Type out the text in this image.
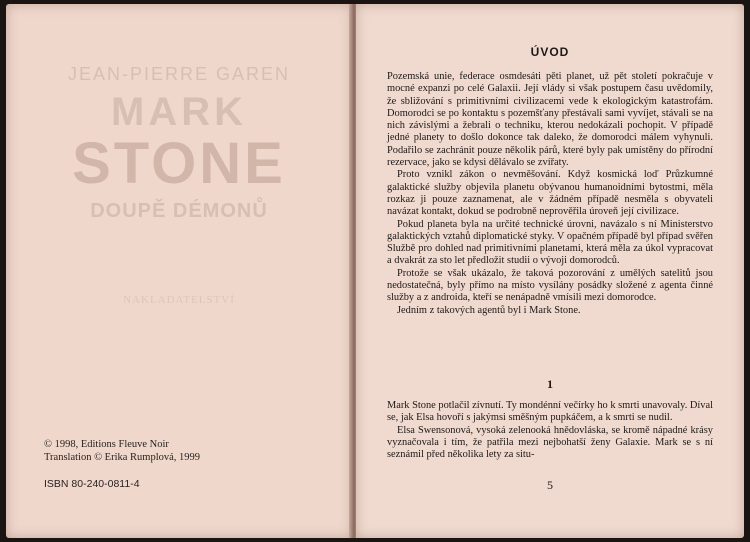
JEAN-PIERRE GAREN
MARK
STONE
DOUPĚ DÉMONŮ
NAKLADATELSTVÍ
© 1998, Editions Fleuve Noir
Translation © Erika Rumplová, 1999
ISBN 80-240-0811-4
ÚVOD

Pozemská unie, federace osmdesáti pěti planet, už pět století pokračuje v mocné expanzi po celé Galaxii. Její vlády si však postupem času uvědomily, že sbližování s primitivními civilizacemi vede k ekologickým katastrofám. Domorodci se po kontaktu s pozemšťany přestávali sami vyvíjet, stávali se na nich závislými a žebrali o techniku, kterou nedokázali pochopit. V případě jedné planety to došlo dokonce tak daleko, že domorodci málem vyhynuli. Podařilo se zachránit pouze několik párů, které byly pak umístěny do přírodní rezervace, jako se kdysi dělávalo se zvířaty.

Proto vznikl zákon o nevměšování. Když kosmická loď Průzkumné galaktické služby objevila planetu obývanou humanoidními bytostmi, měla rozkaz ji pouze zaznamenat, ale v žádném případě nesměla s obyvateli navázat kontakt, dokud se podrobně neprověřila úroveň její civilizace.

Pokud planeta byla na určité technické úrovni, navázalo s ní Ministerstvo galaktických vztahů diplomatické styky. V opačném případě byl případ svěřen Službě pro dohled nad primitivními planetami, která měla za úkol vypracovat a dvakrát za sto let předložit studii o vývoji domorodců.

Protože se však ukázalo, že taková pozorování z umělých satelitů jsou nedostatečná, byly přímo na místo vysílány posádky složené z agenta činné služby a z androida, kteří se nenápadně vmísili mezi domorodce.

Jedním z takových agentů byl i Mark Stone.

1

Mark Stone potlačil zívnutí. Ty mondénní večírky ho k smrti unavovaly. Díval se, jak Elsa hovoří s jakýmsi směšným pupkáčem, a k smrti se nudil.

Elsa Swensonová, vysoká zelenooká hnědovláska, se kromě nápadné krásy vyznačovala i tím, že patřila mezi nejbohatší ženy Galaxie. Mark se s ní seznámil před několika lety za situ-

5
